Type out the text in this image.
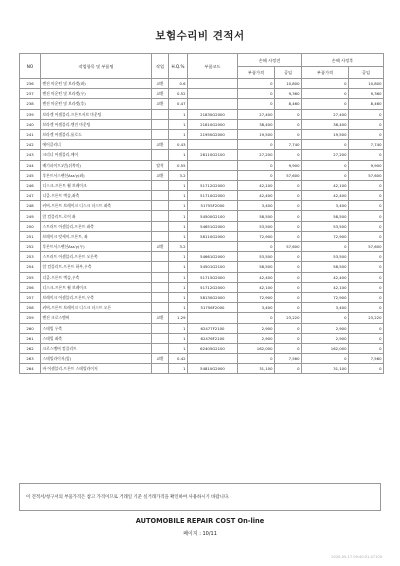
보험수리비 견적서
NO	작업항목 및 부품명	작업	H.Q.%	부품코드	손해 사정전		손해 사정후	
					부품가격	공임	부품가격	공임
236	엔진 마운틴 및 브라켓(좌)	교환	0.6		0	10,800	0	10,800
237	엔진 마운틴 및 브라켓(우)	교환	0.52		0	9,360	0	9,360
238	엔진 마운틴 및 브라켓(후)	교환	0.47		0	8,460	0	8,460
239	브라켓 어셈블리-프론트서브 마운팅		1	21830G2000	27,400	0	27,400	0
240	브라켓 어셈블리-엔진 마운팅		1	21810G2000	38,400	0	38,400	0
241	브라켓 어셈블리-롤로드		1	21950G2000	19,500	0	19,500	0
242	에어클리너	교환	0.43		0	7,740	0	7,740
243	크리너 어셈블리-에어		1	28110G2100	27,200	0	27,200	0
244	배기파이프1번(뒤쪽의)	탈착	0.55		0	9,900	0	9,900
245	후론트서스펜션Ass'y(좌)	교환	3.2		0	57,600	0	57,600
246	디스크-프론트 휠 브레이크		1	51712G2000	42,100	0	42,100	0
247	너클-프론트 액슬,좌측		1	51710G2000	42,400	0	42,400	0
248	커버-프론트 브레이크 디스크 더스트 좌측		1	51755F2000	3,400	0	3,400	0
249	암 컴플리트-로어 좌		1	54500G2100	58,500	0	58,500	0
250	스트러트 어셈블리-프론트 좌측		1	54651G2000	53,500	0	53,500	0
251	브레이크 앗세이-프론트, 좌		1	58110G2000	72,900	0	72,900	0
252	후론트서스펜션Ass'y(우)	교환	3.2		0	57,600	0	57,600
253	스트러트 어셈블리-프론트 오른쪽		1	54661G2000	53,500	0	53,500	0
254	암 컴플리트-프론트 하부,우측		1	54501G2100	58,500	0	58,500	0
255	너클-프론트 액슬,우측		1	51715G2000	42,400	0	42,400	0
256	디스크-프론트 휠 브레이크		1	51712G2000	42,100	0	42,100	0
257	브레이크 어셈블리-프론트,우측		1	58130G2000	72,900	0	72,900	0
258	커버-프론트 브레이크 디스크 더스트 오른		1	51756F2000	3,400	0	3,400	0
259	엔진 크로스멤버	교환	1.29		0	23,220	0	23,220
260	스테빌 우측		1	62477F2100	2,900	0	2,900	0
261	스테빌 좌측		1	62476F2100	2,900	0	2,900	0
262	크로스멤버 컴플리트		1	62405G2100	162,000	0	162,000	0
263	스테빌라이저(앞)	교환	0.42		0	7,560	0	7,560
264	바 어셈블리-프론트 스테빌라이저		1	54810G2000	31,100	0	31,100	0
이 견적서/청구서의 부품가격은 참고 가격이므로 거래일 기준 실거래가격을 확인하여 사용하시기 바랍니다.
AUTOMOBILE REPAIR COST On-line
페이지 : 10/11
2020-05-17 09:40:51.47100
